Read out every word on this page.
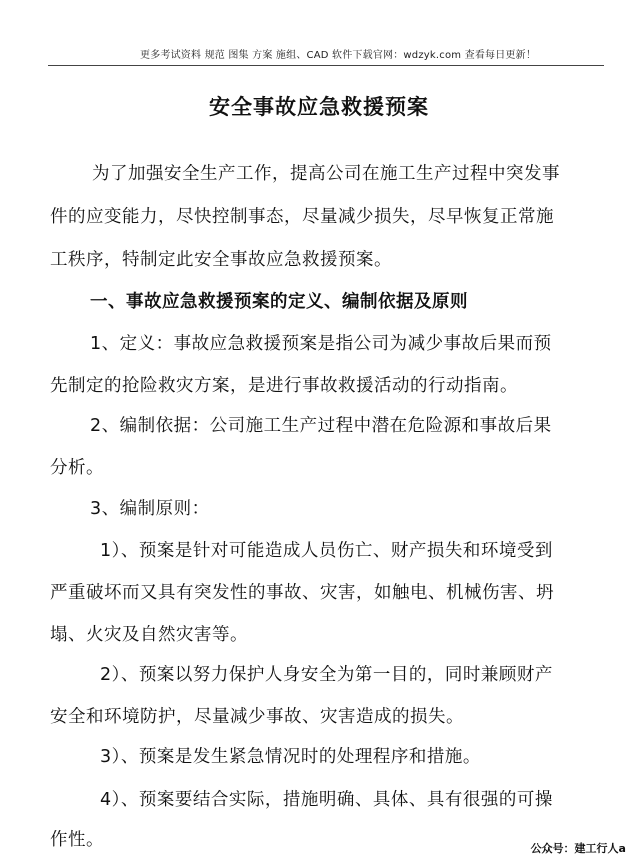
更多考试资料 规范 图集 方案 施组、CAD 软件下载官网：wdzyk.com 查看每日更新！
安全事故应急救援预案
为了加强安全生产工作，提高公司在施工生产过程中突发事
件的应变能力，尽快控制事态，尽量减少损失，尽早恢复正常施
工秩序，特制定此安全事故应急救援预案。
一、事故应急救援预案的定义、编制依据及原则
1、定义：事故应急救援预案是指公司为减少事故后果而预
先制定的抢险救灾方案，是进行事故救援活动的行动指南。
2、编制依据：公司施工生产过程中潜在危险源和事故后果
分析。
3、编制原则：
1）、预案是针对可能造成人员伤亡、财产损失和环境受到
严重破坏而又具有突发性的事故、灾害，如触电、机械伤害、坍
塌、火灾及自然灾害等。
2）、预案以努力保护人身安全为第一目的，同时兼顾财产
安全和环境防护，尽量减少事故、灾害造成的损失。
3）、预案是发生紧急情况时的处理程序和措施。
4）、预案要结合实际，措施明确、具体、具有很强的可操
作性。	公众号：建工行人a
